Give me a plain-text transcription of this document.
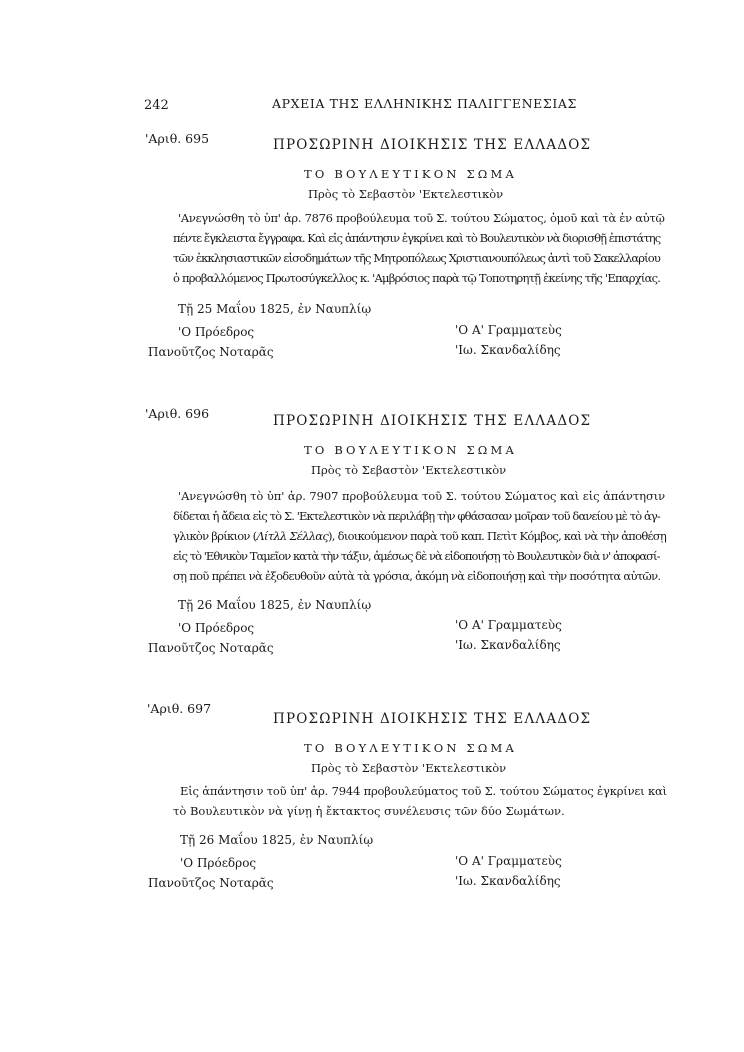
242	ΑΡΧΕΙΑ ΤΗΣ ΕΛΛΗΝΙΚΗΣ ΠΑΛΙΓΓΕΝΕΣΙΑΣ
'Αριθ. 695	ΠΡΟΣΩΡΙΝΗ ΔΙΟΙΚΗΣΙΣ ΤΗΣ ΕΛΛΑΔΟΣ
ΤΟ ΒΟΥΛΕΥΤΙΚΟΝ ΣΩΜΑ
Πρὸς τὸ Σεβαστὸν 'Εκτελεστικὸν
'Ανεγνώσθη τὸ ὑπ' ἀρ. 7876 προβούλευμα τοῦ Σ. τούτου Σώματος, ὁμοῦ καὶ τὰ ἐν αὐτῷ
πέντε ἔγκλειστα ἔγγραφα. Καὶ εἰς ἀπάντησιν ἐγκρίνει καὶ τὸ Βουλευτικὸν νὰ διορισθῇ ἐπιστάτης
τῶν ἐκκλησιαστικῶν εἰσοδημάτων τῆς Μητροπόλεως Χριστιανουπόλεως ἀντὶ τοῦ Σακελλαρίου
ὁ προβαλλόμενος Πρωτοσύγκελλος κ. 'Αμβρόσιος παρὰ τῷ Τοποτηρητῇ ἐκείνης τῆς 'Επαρχίας.
Τῇ 25 Μαΐου 1825, ἐν Ναυπλίῳ
'Ο Πρόεδρος
Πανοῦτζος Νοταρᾶς
'Ο Α' Γραμματεὺς
'Ιω. Σκανδαλίδης
'Αριθ. 696	ΠΡΟΣΩΡΙΝΗ ΔΙΟΙΚΗΣΙΣ ΤΗΣ ΕΛΛΑΔΟΣ
ΤΟ ΒΟΥΛΕΥΤΙΚΟΝ ΣΩΜΑ
Πρὸς τὸ Σεβαστὸν 'Εκτελεστικὸν
'Ανεγνώσθη τὸ ὑπ' ἀρ. 7907 προβούλευμα τοῦ Σ. τούτου Σώματος καὶ εἰς ἀπάντησιν
δίδεται ἡ ἄδεια εἰς τὸ Σ. 'Εκτελεστικὸν νὰ περιλάβῃ τὴν φθάσασαν μοῖραν τοῦ δανείου μὲ τὸ ἀγ-
γλικὸν βρίκιον (Λίτλλ Σέλλας), διοικούμενον παρὰ τοῦ καπ. Πετὶτ Κόμβος, καὶ νὰ τὴν ἀποθέσῃ
εἰς τὸ 'Εθνικὸν Ταμεῖον κατὰ τὴν τάξιν, ἀμέσως δὲ νὰ εἰδοποιήσῃ τὸ Βουλευτικὸν διὰ ν' ἀποφασί-
σῃ ποῦ πρέπει νὰ ἐξοδευθοῦν αὐτὰ τὰ γρόσια, ἀκόμη νὰ εἰδοποιήσῃ καὶ τὴν ποσότητα αὐτῶν.
Τῇ 26 Μαΐου 1825, ἐν Ναυπλίῳ
'Ο Πρόεδρος
Πανοῦτζος Νοταρᾶς
'Ο Α' Γραμματεὺς
'Ιω. Σκανδαλίδης
'Αριθ. 697
ΠΡΟΣΩΡΙΝΗ ΔΙΟΙΚΗΣΙΣ ΤΗΣ ΕΛΛΑΔΟΣ
ΤΟ ΒΟΥΛΕΥΤΙΚΟΝ ΣΩΜΑ
Πρὸς τὸ Σεβαστὸν 'Εκτελεστικὸν
Εἰς ἀπάντησιν τοῦ ὑπ' ἀρ. 7944 προβουλεύματος τοῦ Σ. τούτου Σώματος ἐγκρίνει καὶ
τὸ Βουλευτικὸν νὰ γίνῃ ἡ ἔκτακτος συνέλευσις τῶν δύο Σωμάτων.
Τῇ 26 Μαΐου 1825, ἐν Ναυπλίῳ
'Ο Πρόεδρος
Πανοῦτζος Νοταρᾶς
'Ο Α' Γραμματεὺς
'Ιω. Σκανδαλίδης
